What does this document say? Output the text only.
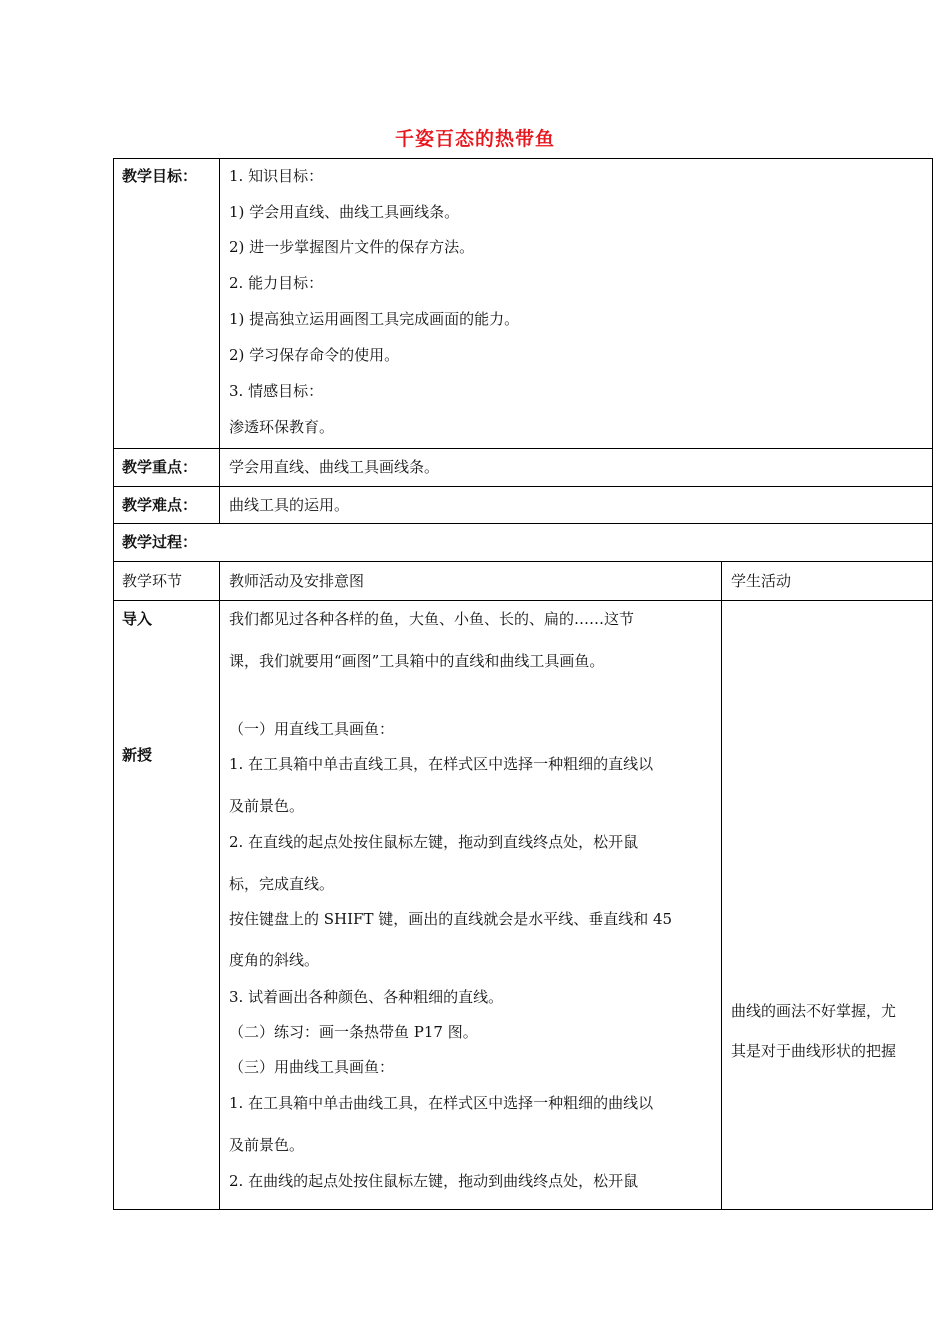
千姿百态的热带鱼
教学目标： 1. 知识目标：
1) 学会用直线、曲线工具画线条。
2) 进一步掌握图片文件的保存方法。
2. 能力目标：
1) 提高独立运用画图工具完成画面的能力。
2) 学习保存命令的使用。
3. 情感目标：
渗透环保教育。
教学重点： 学会用直线、曲线工具画线条。
教学难点： 曲线工具的运用。
教学过程：
教学环节	教师活动及安排意图	学生活动
导入
新授
我们都见过各种各样的鱼，大鱼、小鱼、长的、扁的……这节
课，我们就要用“画图”工具箱中的直线和曲线工具画鱼。
（一）用直线工具画鱼：
1. 在工具箱中单击直线工具，在样式区中选择一种粗细的直线以
及前景色。
2. 在直线的起点处按住鼠标左键，拖动到直线终点处，松开鼠
标，完成直线。
按住键盘上的 SHIFT 键，画出的直线就会是水平线、垂直线和 45
度角的斜线。
3. 试着画出各种颜色、各种粗细的直线。
（二）练习：画一条热带鱼 P17 图。
（三）用曲线工具画鱼：
1. 在工具箱中单击曲线工具，在样式区中选择一种粗细的曲线以
及前景色。
2. 在曲线的起点处按住鼠标左键，拖动到曲线终点处，松开鼠
曲线的画法不好掌握，尤
其是对于曲线形状的把握
